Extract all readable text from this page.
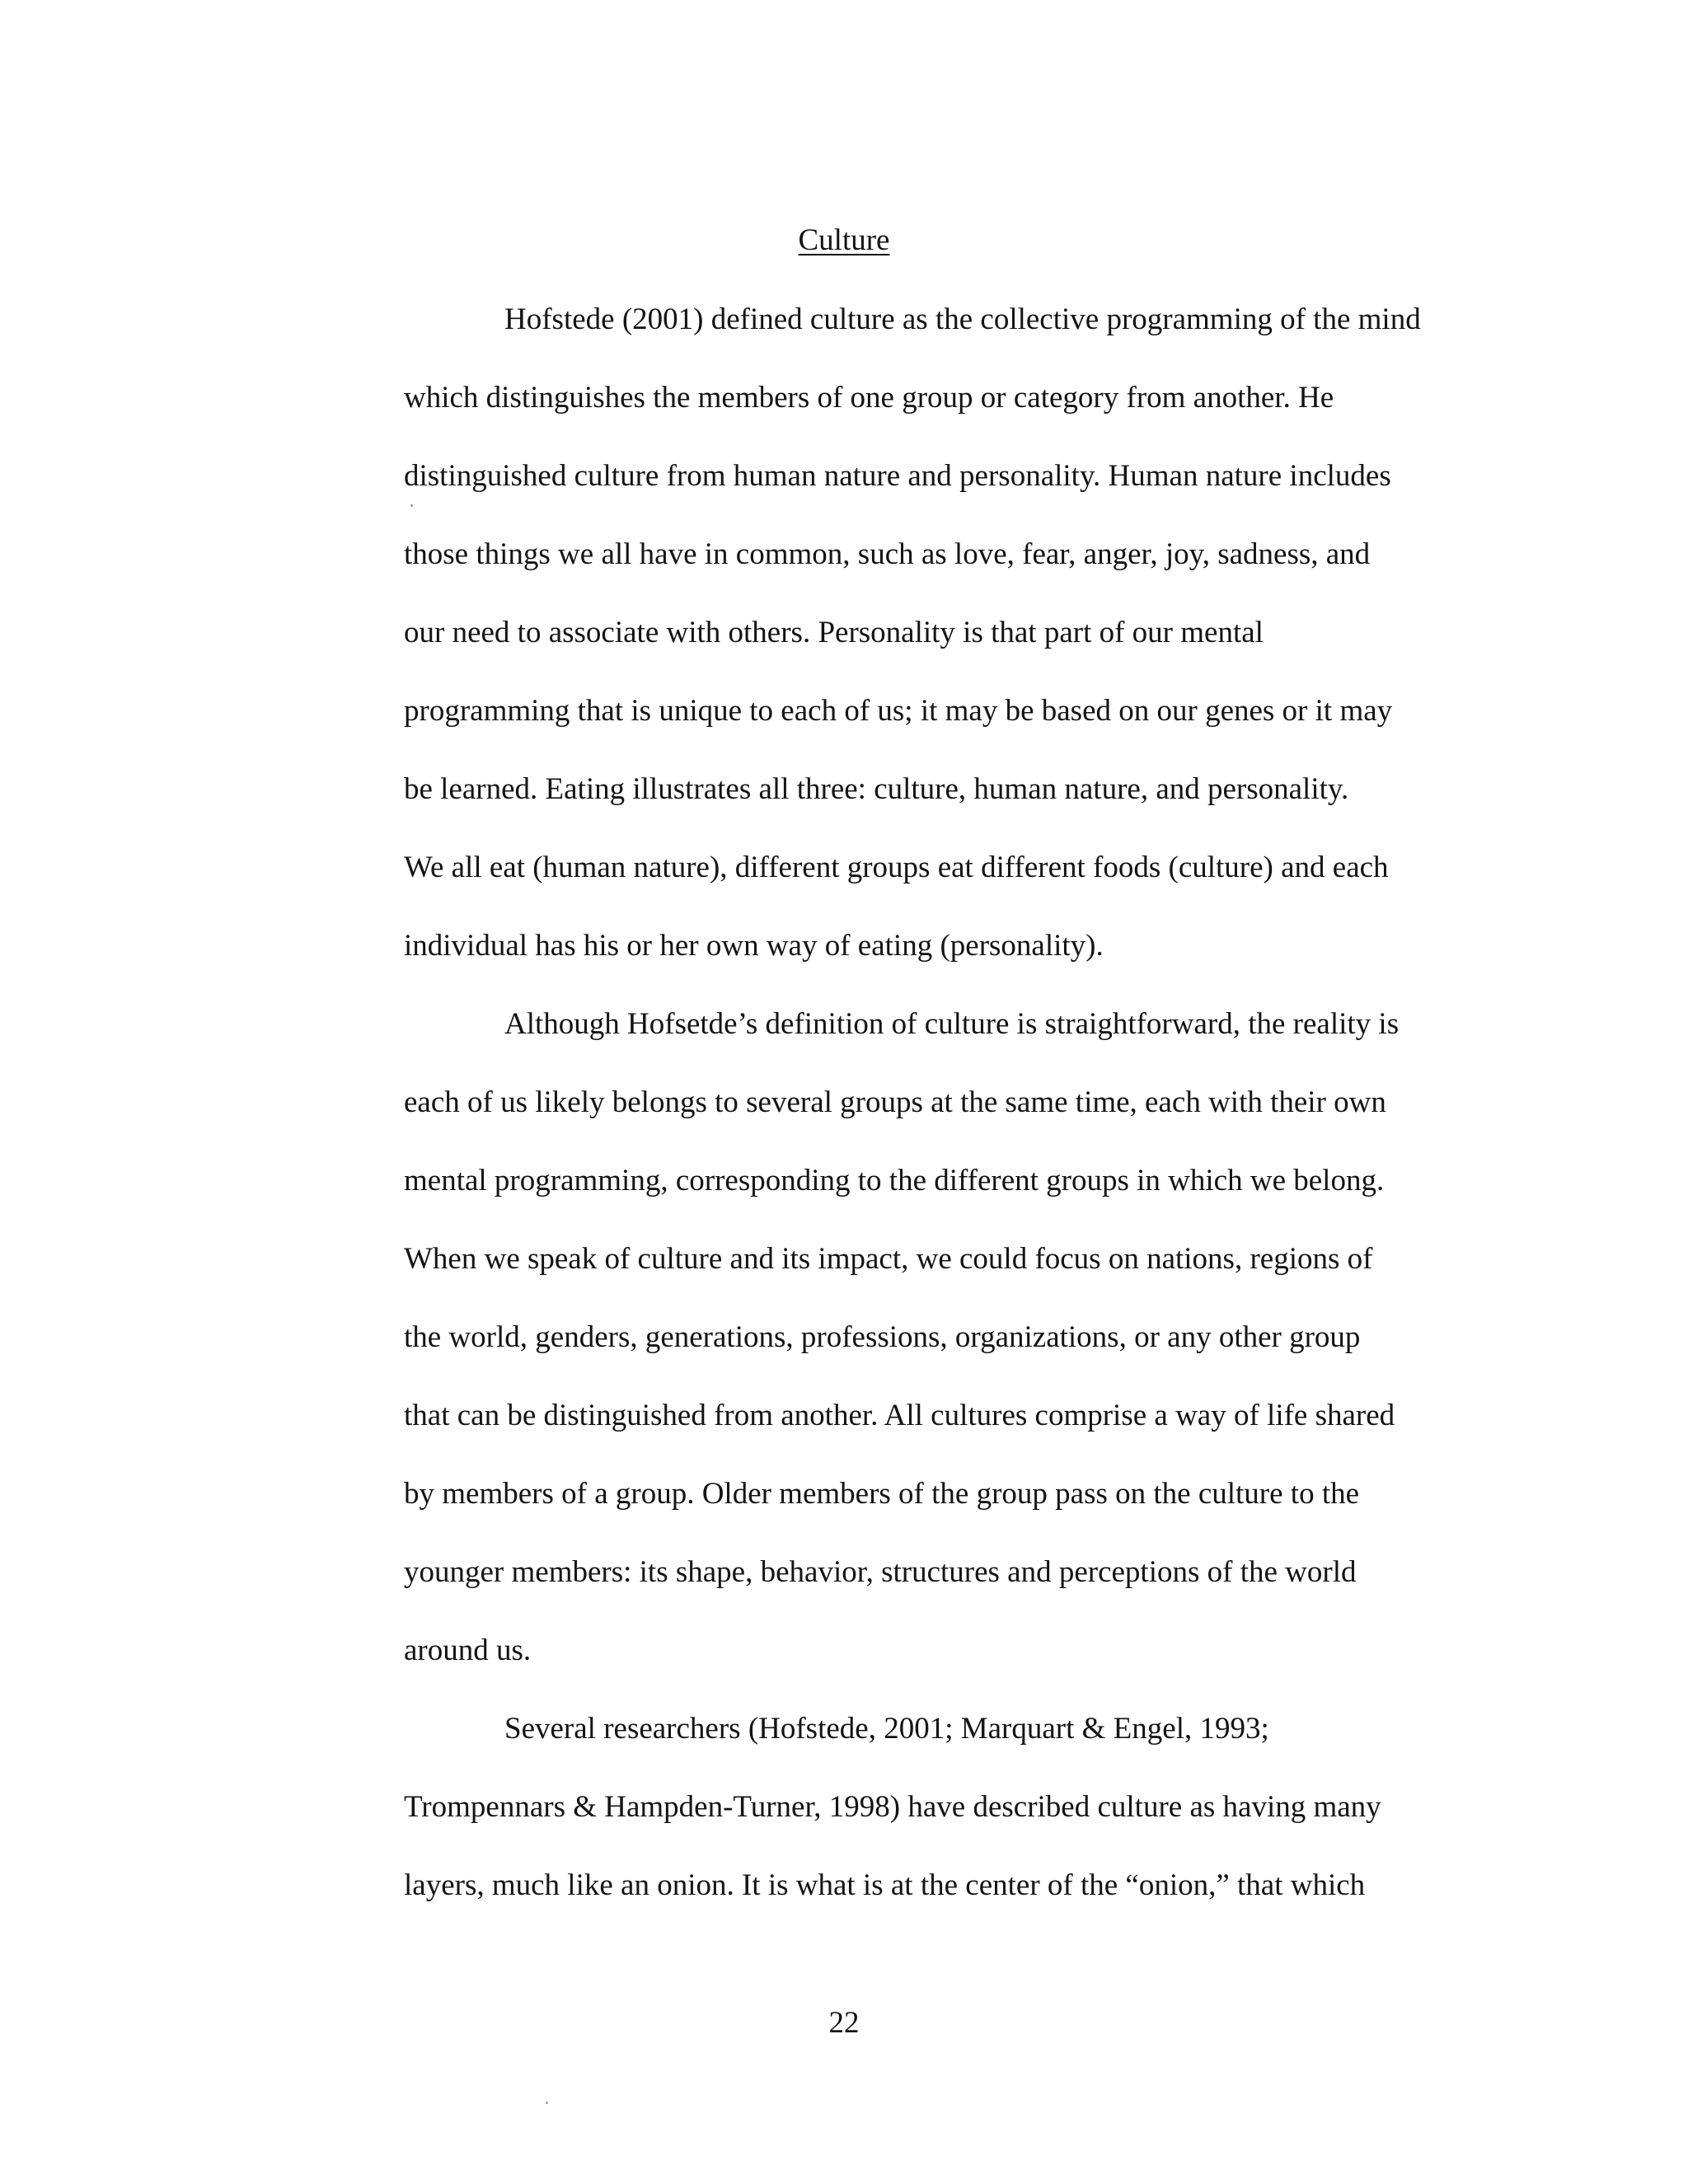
Culture
Hofstede (2001) defined culture as the collective programming of the mind
which distinguishes the members of one group or category from another. He
distinguished culture from human nature and personality. Human nature includes
those things we all have in common, such as love, fear, anger, joy, sadness, and
our need to associate with others. Personality is that part of our mental
programming that is unique to each of us; it may be based on our genes or it may
be learned. Eating illustrates all three: culture, human nature, and personality.
We all eat (human nature), different groups eat different foods (culture) and each
individual has his or her own way of eating (personality).
Although Hofsetde’s definition of culture is straightforward, the reality is
each of us likely belongs to several groups at the same time, each with their own
mental programming, corresponding to the different groups in which we belong.
When we speak of culture and its impact, we could focus on nations, regions of
the world, genders, generations, professions, organizations, or any other group
that can be distinguished from another. All cultures comprise a way of life shared
by members of a group. Older members of the group pass on the culture to the
younger members: its shape, behavior, structures and perceptions of the world
around us.
Several researchers (Hofstede, 2001; Marquart & Engel, 1993;
Trompennars & Hampden-Turner, 1998) have described culture as having many
layers, much like an onion. It is what is at the center of the “onion,” that which
22
